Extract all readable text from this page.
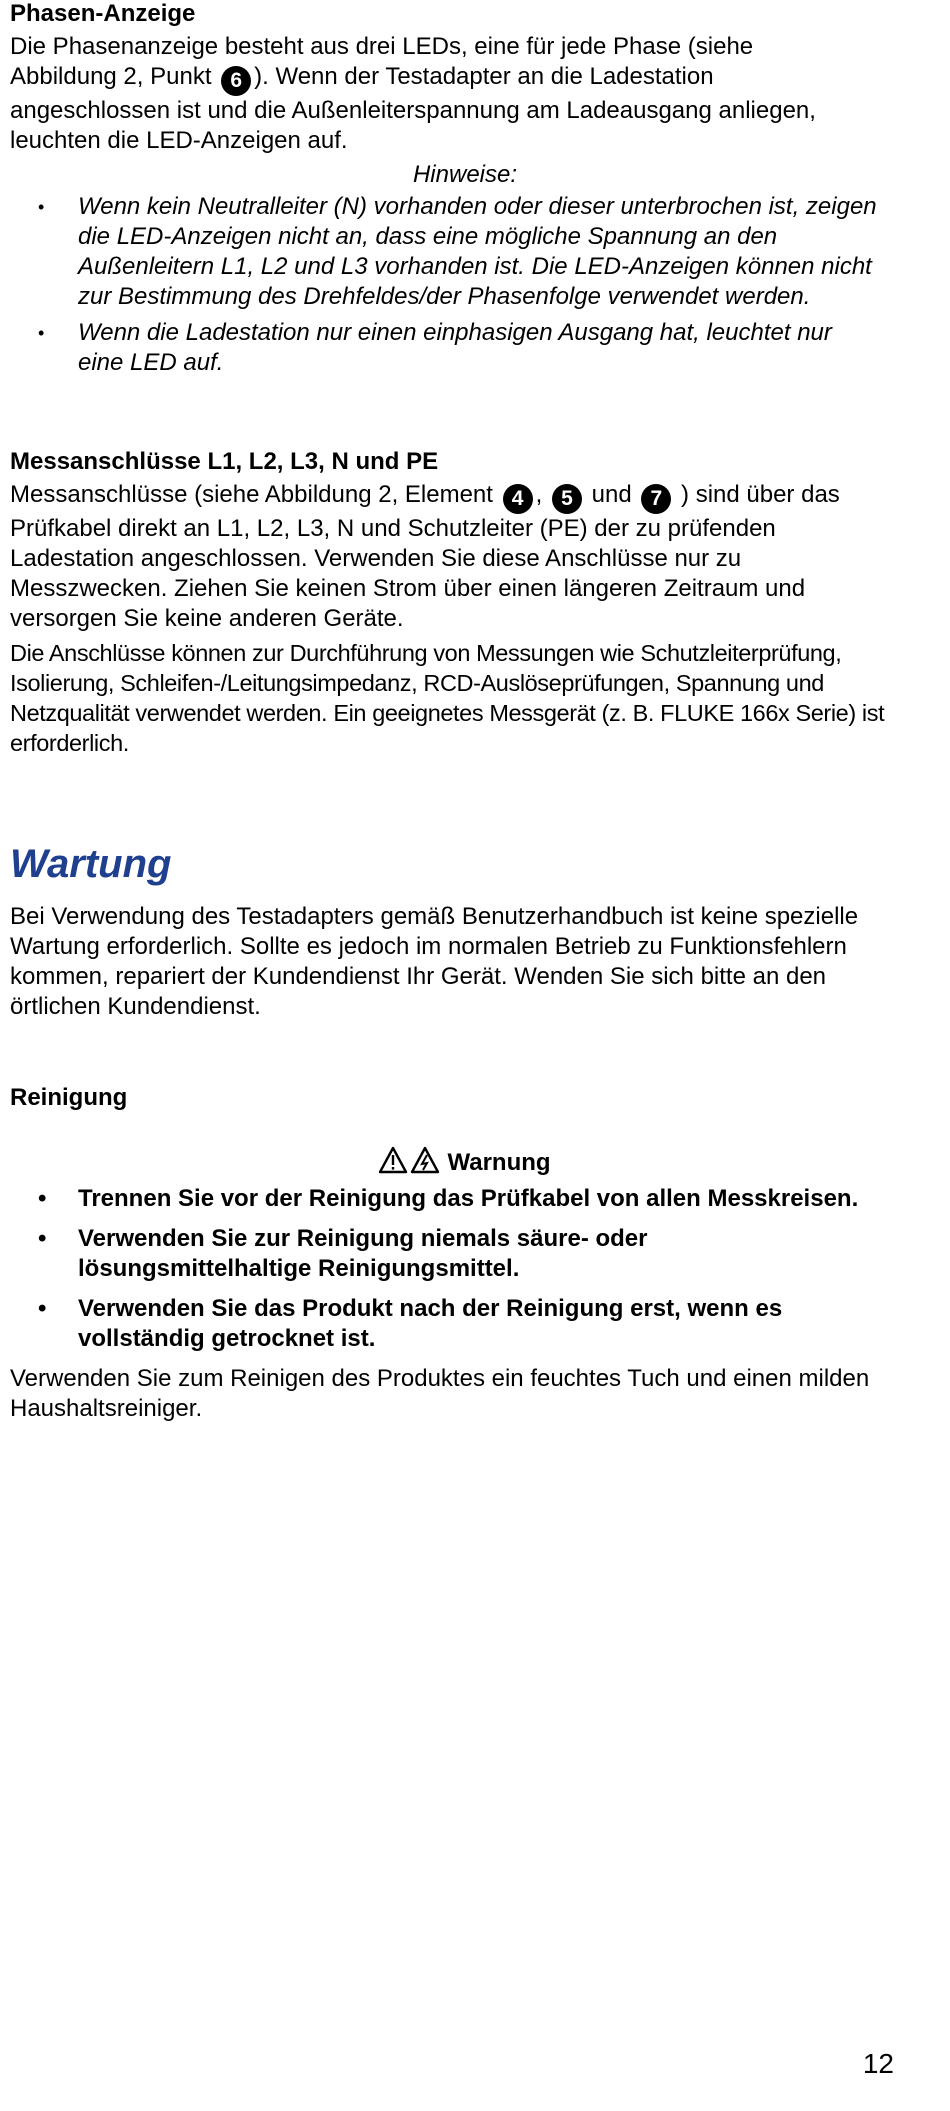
Phasen-Anzeige

Die Phasenanzeige besteht aus drei LEDs, eine für jede Phase (siehe Abbildung 2, Punkt 6 ). Wenn der Testadapter an die Ladestation angeschlossen ist und die Außenleiterspannung am Ladeausgang anliegen, leuchten die LED-Anzeigen auf.

Hinweise:
• Wenn kein Neutralleiter (N) vorhanden oder dieser unterbrochen ist, zeigen die LED-Anzeigen nicht an, dass eine mögliche Spannung an den Außenleitern L1, L2 und L3 vorhanden ist. Die LED-Anzeigen können nicht zur Bestimmung des Drehfeldes/der Phasenfolge verwendet werden.
• Wenn die Ladestation nur einen einphasigen Ausgang hat, leuchtet nur eine LED auf.
Messanschlüsse L1, L2, L3, N und PE

Messanschlüsse (siehe Abbildung 2, Element 4 , 5 und 7 ) sind über das Prüfkabel direkt an L1, L2, L3, N und Schutzleiter (PE) der zu prüfenden Ladestation angeschlossen. Verwenden Sie diese Anschlüsse nur zu Messzwecken. Ziehen Sie keinen Strom über einen längeren Zeitraum und versorgen Sie keine anderen Geräte.

Die Anschlüsse können zur Durchführung von Messungen wie Schutzleiterprüfung, Isolierung, Schleifen-/Leitungsimpedanz, RCD-Auslöseprüfungen, Spannung und Netzqualität verwendet werden. Ein geeignetes Messgerät (z. B. FLUKE 166x Serie) ist erforderlich.

Wartung

Bei Verwendung des Testadapters gemäß Benutzerhandbuch ist keine spezielle Wartung erforderlich. Sollte es jedoch im normalen Betrieb zu Funktionsfehlern kommen, repariert der Kundendienst Ihr Gerät. Wenden Sie sich bitte an den örtlichen Kundendienst.

Reinigung
Warnung
• Trennen Sie vor der Reinigung das Prüfkabel von allen Messkreisen.
• Verwenden Sie zur Reinigung niemals säure- oder lösungsmittelhaltige Reinigungsmittel.
• Verwenden Sie das Produkt nach der Reinigung erst, wenn es vollständig getrocknet ist.

Verwenden Sie zum Reinigen des Produktes ein feuchtes Tuch und einen milden Haushaltsreiniger.

12
